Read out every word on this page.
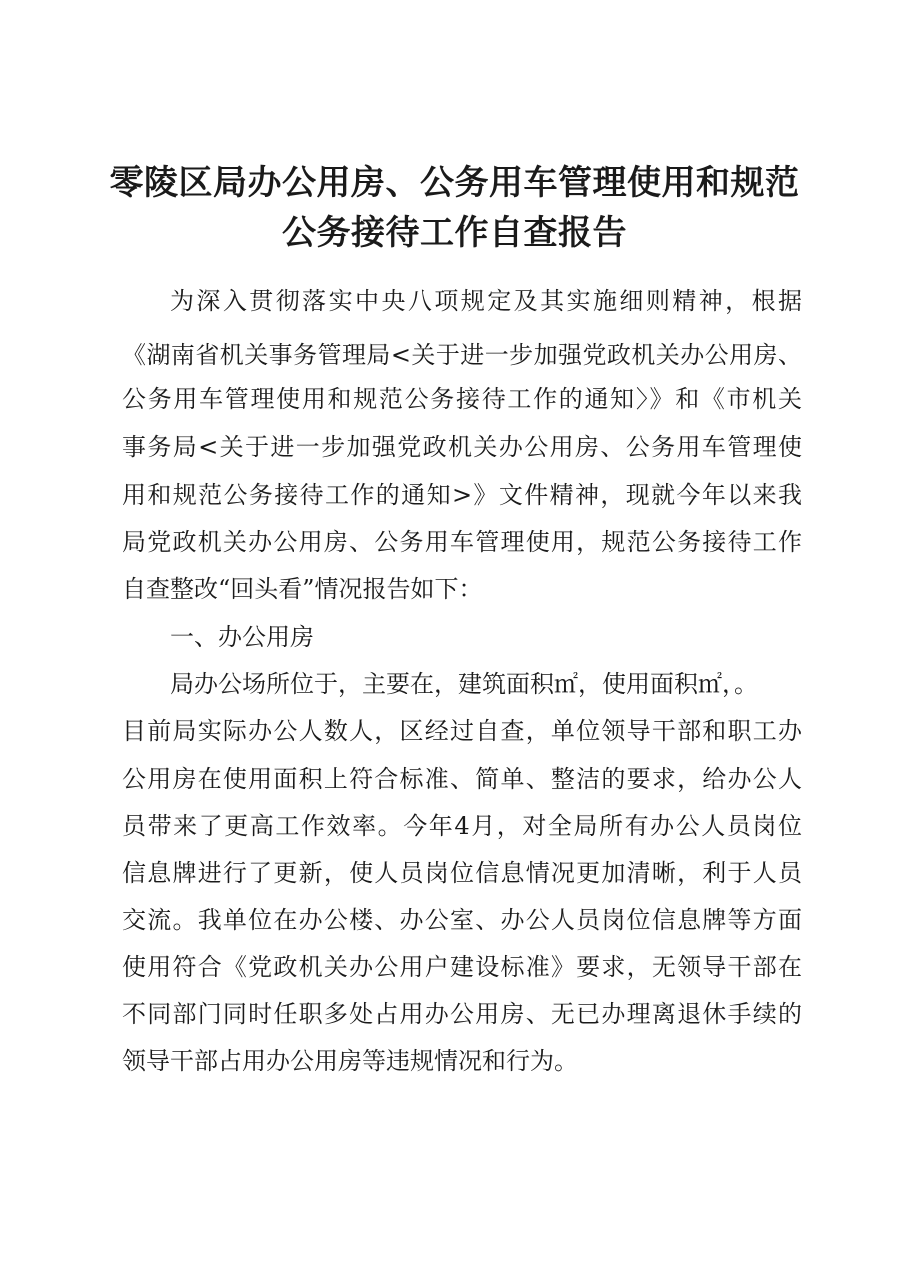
零陵区局办公用房、公务用车管理使用和规范
公务接待工作自查报告
为深入贯彻落实中央八项规定及其实施细则精神，根据
《湖南省机关事务管理局<关于进一步加强党政机关办公用房、
公务用车管理使用和规范公务接待工作的通知〉》和《市机关
事务局<关于进一步加强党政机关办公用房、公务用车管理使
用和规范公务接待工作的通知>》文件精神，现就今年以来我
局党政机关办公用房、公务用车管理使用，规范公务接待工作
自查整改“回头看”情况报告如下：
一、办公用房
局办公场所位于，主要在，建筑面积㎡，使用面积㎡，。
目前局实际办公人数人，区经过自查，单位领导干部和职工办
公用房在使用面积上符合标准、简单、整洁的要求，给办公人
员带来了更高工作效率。今年4月，对全局所有办公人员岗位
信息牌进行了更新，使人员岗位信息情况更加清晰，利于人员
交流。我单位在办公楼、办公室、办公人员岗位信息牌等方面
使用符合《党政机关办公用户建设标准》要求，无领导干部在
不同部门同时任职多处占用办公用房、无已办理离退休手续的
领导干部占用办公用房等违规情况和行为。
